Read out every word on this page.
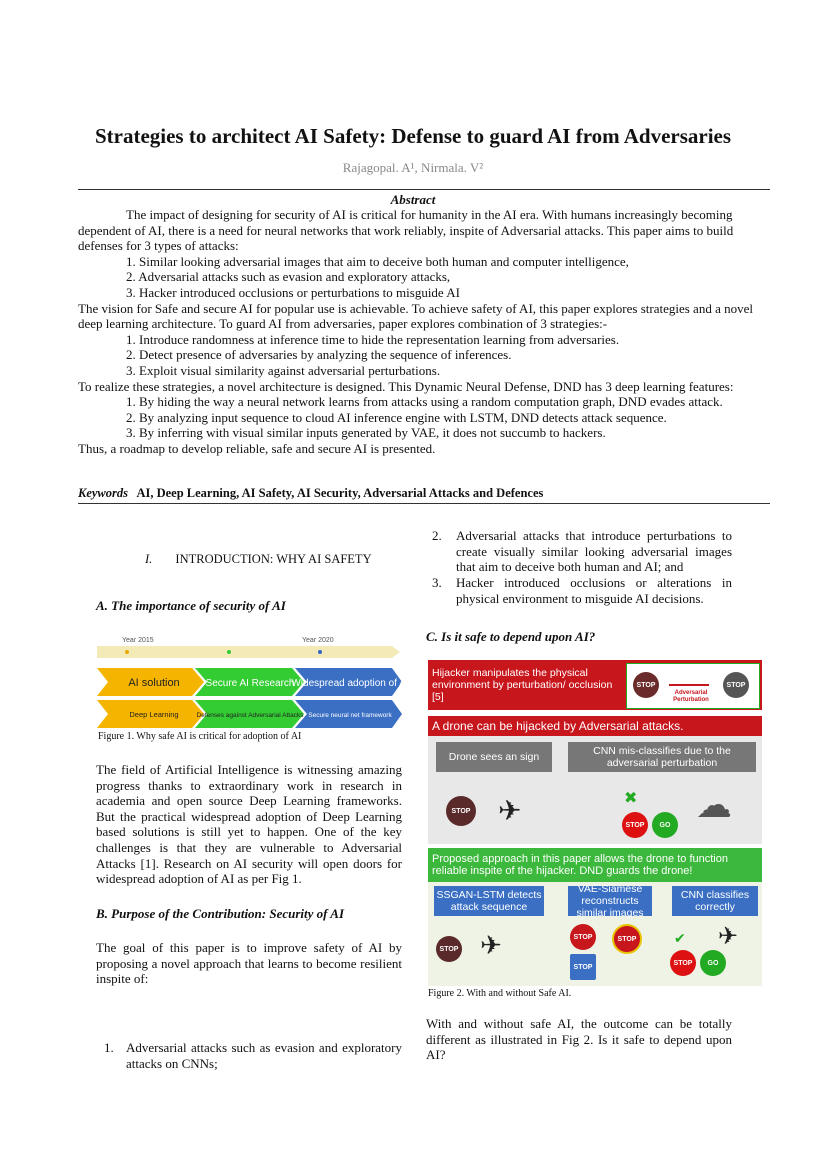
Strategies to architect AI Safety: Defense to guard AI from Adversaries
Rajagopal. A¹, Nirmala. V²
Abstract

The impact of designing for security of AI is critical for humanity in the AI era. With humans increasingly becoming dependent of AI, there is a need for neural networks that work reliably, inspite of Adversarial attacks. This paper aims to build defenses for 3 types of attacks:

1. Similar looking adversarial images that aim to deceive both human and computer intelligence,

2. Adversarial attacks such as evasion and exploratory attacks,

3. Hacker introduced occlusions or perturbations to misguide AI

The vision for Safe and secure AI for popular use is achievable. To achieve safety of AI, this paper explores strategies and a novel deep learning architecture. To guard AI from adversaries, paper explores combination of 3 strategies:-

1. Introduce randomness at inference time to hide the representation learning from adversaries.

2. Detect presence of adversaries by analyzing the sequence of inferences.

3. Exploit visual similarity against adversarial perturbations.

To realize these strategies, a novel architecture is designed. This Dynamic Neural Defense, DND has 3 deep learning features:

1. By hiding the way a neural network learns from attacks using a random computation graph, DND evades attack.

2. By analyzing input sequence to cloud AI inference engine with LSTM, DND detects attack sequence.

3. By inferring with visual similar inputs generated by VAE, it does not succumb to hackers.

Thus, a roadmap to develop reliable, safe and secure AI is presented.

Keywords AI, Deep Learning, AI Safety, AI Security, Adversarial Attacks and Defences
I. INTRODUCTION: WHY AI SAFETY
A. The importance of security of AI
Year 2015	Year 2020
AI solution	Secure AI Research
Widespread adoption of AI
Deep Learning	Defenses against Adversarial Attacks Secure neural net framework
Figure 1. Why safe AI is critical for adoption of AI
The field of Artificial Intelligence is witnessing amazing progress thanks to extraordinary work in research in academia and open source Deep Learning frameworks. But the practical widespread adoption of Deep Learning based solutions is still yet to happen. One of the key challenges is that they are vulnerable to Adversarial Attacks [1]. Research on AI security will open doors for widespread adoption of AI as per Fig 1.
B. Purpose of the Contribution: Security of AI
The goal of this paper is to improve safety of AI by proposing a novel approach that learns to become resilient inspite of:
1. Adversarial attacks such as evasion and exploratory attacks on CNNs;
2. Adversarial attacks that introduce perturbations to create visually similar looking adversarial images that aim to deceive both human and AI; and
3. Hacker introduced occlusions or alterations in physical environment to misguide AI decisions.
C. Is it safe to depend upon AI?
Hijacker manipulates the physical environment by perturbation/ occlusion [5]
STOP
Adversarial Perturbation
STOP
A drone can be hijacked by Adversarial attacks.
Drone sees an sign	CNN mis-classifies due to the adversarial perturbation
STOP ✈	✖
STOP	GO ☁
Proposed approach in this paper allows the drone to function reliable inspite of the hijacker. DND guards the drone!
SSGAN-LSTM detects attack sequence
VAE-Siamese reconstructs similar images
CNN classifies correctly
STOP ✈	STOP	STOP
STOP
✔
STOP	GO
✈
Figure 2. With and without Safe AI.
With and without safe AI, the outcome can be totally different as illustrated in Fig 2. Is it safe to depend upon AI?
